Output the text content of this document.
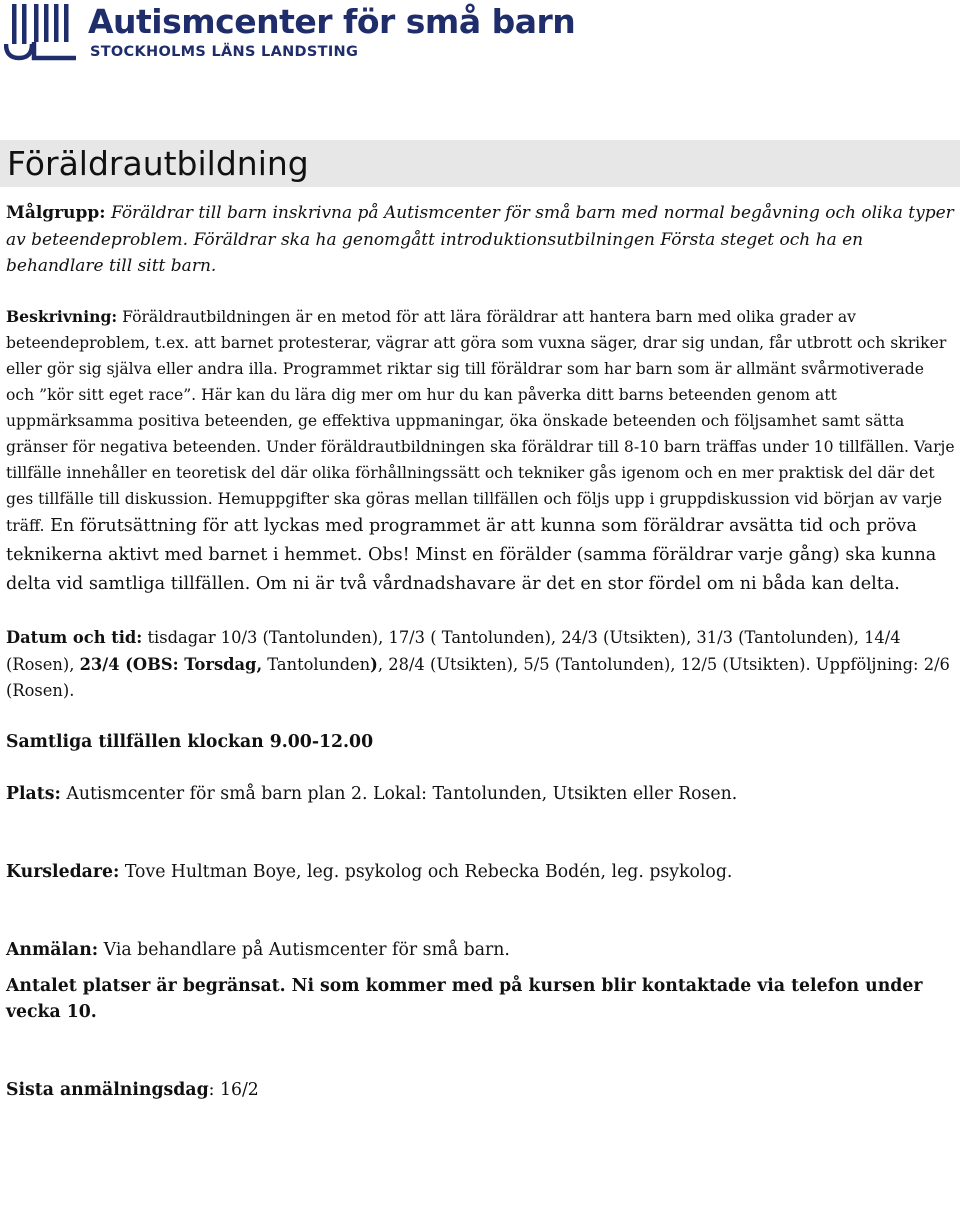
Autismcenter för små barn
STOCKHOLMS LÄNS LANDSTING
Föräldrautbildning

Målgrupp: Föräldrar till barn inskrivna på Autismcenter för små barn med normal begåvning och olika typer av beteendeproblem. Föräldrar ska ha genomgått introduktionsutbilningen Första steget och ha en behandlare till sitt barn.

Beskrivning: Föräldrautbildningen är en metod för att lära föräldrar att hantera barn med olika grader av beteendeproblem, t.ex. att barnet protesterar, vägrar att göra som vuxna säger, drar sig undan, får utbrott och skriker eller gör sig själva eller andra illa. Programmet riktar sig till föräldrar som har barn som är allmänt svårmotiverade och ”kör sitt eget race”. Här kan du lära dig mer om hur du kan påverka ditt barns beteenden genom att uppmärksamma positiva beteenden, ge effektiva uppmaningar, öka önskade beteenden och följsamhet samt sätta gränser för negativa beteenden. Under föräldrautbildningen ska föräldrar till 8-10 barn träffas under 10 tillfällen. Varje tillfälle innehåller en teoretisk del där olika förhållningssätt och tekniker gås igenom och en mer praktisk del där det ges tillfälle till diskussion. Hemuppgifter ska göras mellan tillfällen och följs upp i gruppdiskussion vid början av varje träff. En förutsättning för att lyckas med programmet är att kunna som föräldrar avsätta tid och pröva teknikerna aktivt med barnet i hemmet. Obs! Minst en förälder (samma föräldrar varje gång) ska kunna delta vid samtliga tillfällen. Om ni är två vårdnadshavare är det en stor fördel om ni båda kan delta.

Datum och tid: tisdagar 10/3 (Tantolunden), 17/3 ( Tantolunden), 24/3 (Utsikten), 31/3 (Tantolunden), 14/4 (Rosen), 23/4 (OBS: Torsdag, Tantolunden), 28/4 (Utsikten), 5/5 (Tantolunden), 12/5 (Utsikten). Uppföljning: 2/6 (Rosen).

Samtliga tillfällen klockan 9.00-12.00

Plats: Autismcenter för små barn plan 2. Lokal: Tantolunden, Utsikten eller Rosen.

Kursledare: Tove Hultman Boye, leg. psykolog och Rebecka Bodén, leg. psykolog.

Anmälan: Via behandlare på Autismcenter för små barn.

Antalet platser är begränsat. Ni som kommer med på kursen blir kontaktade via telefon under vecka 10.

Sista anmälningsdag: 16/2
